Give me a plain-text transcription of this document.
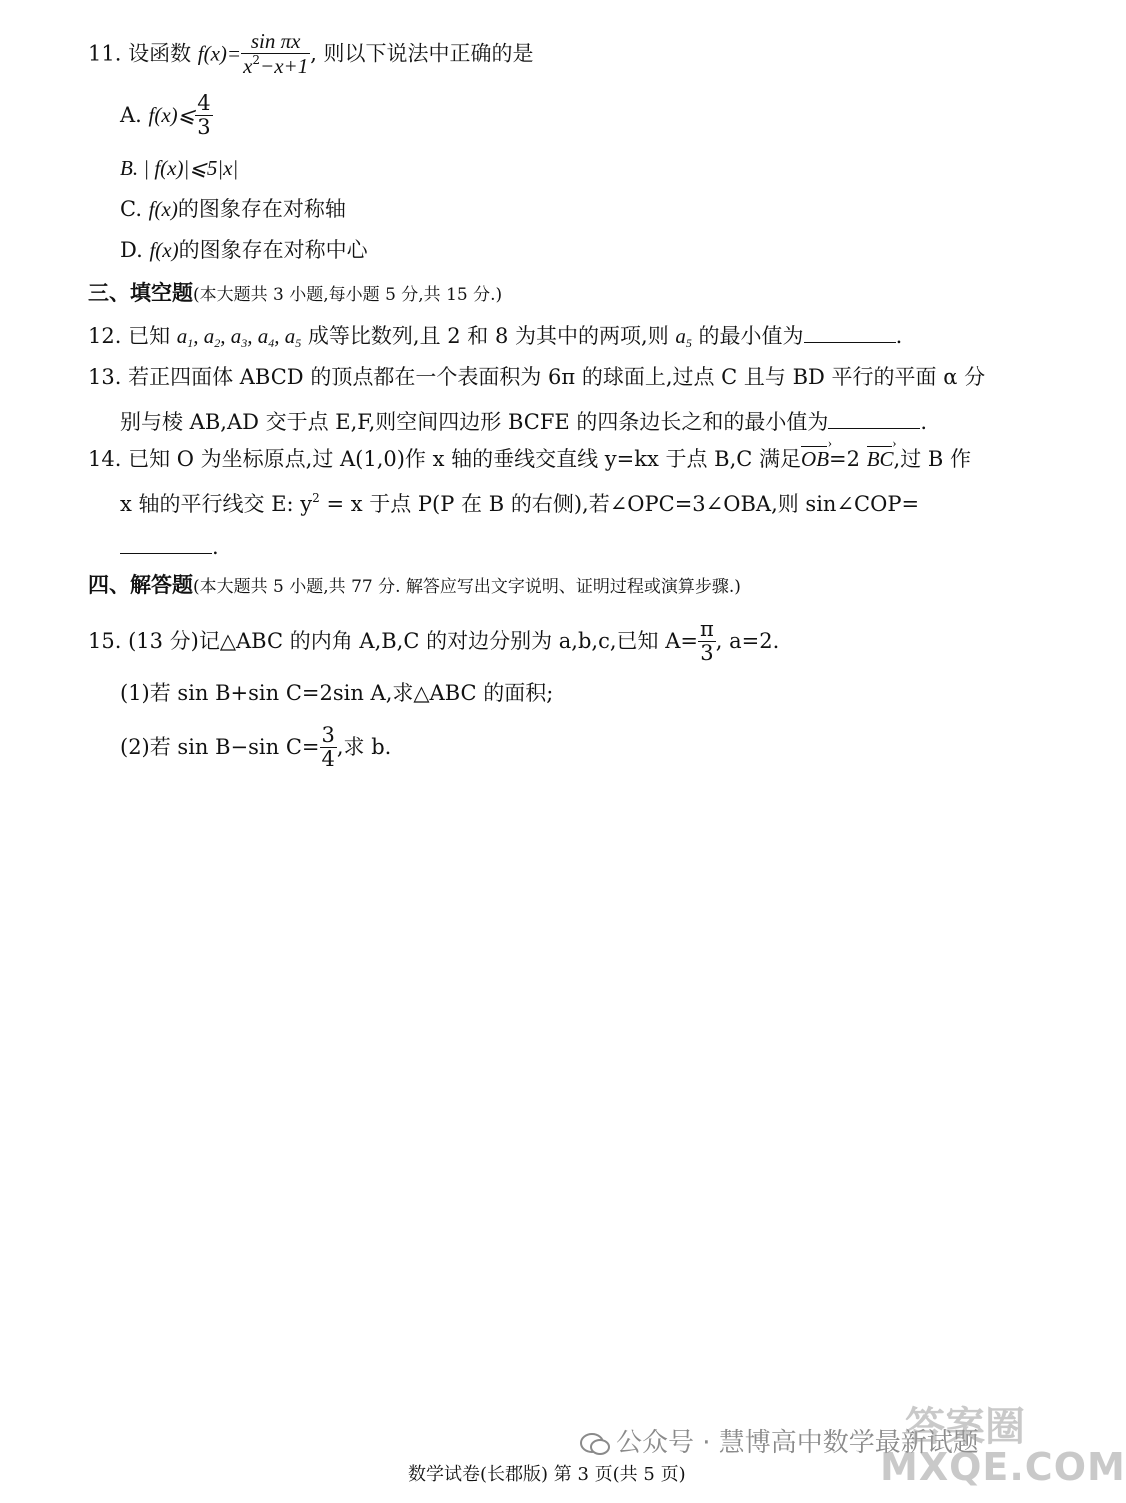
11. 设函数 $f(x)= \frac{\text{sin πx}}{x^2-x+1}$ , 则以下说法中正确的是
A. f(x)⩽ $\frac{4}{3}$
B. | f(x)|⩽5|x|
C. f(x)的图象存在对称轴
D. f(x)的图象存在对称中心
三、填空题(本大题共 3 小题,每小题 5 分,共 15 分.)
12. 已知 $a_1$, $a_2$, $a_3$, $a_4$, $a_5$ 成等比数列,且 2 和 8 为其中的两项,则 $a_5$ 的最小值为	.
13. 若正四面体 ABCD 的顶点都在一个表面积为 6π 的球面上,过点 C 且与 BD 平行的平面 α 分
别与棱 AB,AD 交于点 E,F,则空间四边形 BCFE 的四条边长之和的最小值为	.
14. 已知 O 为坐标原点,过 A(1,0)作 x 轴的垂线交直线 y=kx 于点 B,C 满足OB ›=2 BC ›,过 B 作
x 轴的平行线交 E: $y^2 = x$ 于点 P(P 在 B 的右侧),若∠OPC=3∠OBA,则 sin∠COP=
.
四、解答题(本大题共 5 小题,共 77 分. 解答应写出文字说明、证明过程或演算步骤.)
15. (13 分)记△ABC 的内角 A,B,C 的对边分别为 a,b,c,已知 $A= \frac{\pi}{3}$ , a=2.
(1)若 sin B+sin C=2sin A,求△ABC 的面积;
(2)若 sin B−sin $C= \frac{3}{4}$ ,求 b.
数学试卷(长郡版) 第 3 页(共 5 页)
公众号 · 慧博高中数学最新试题
答案圈
MXQE.COM
